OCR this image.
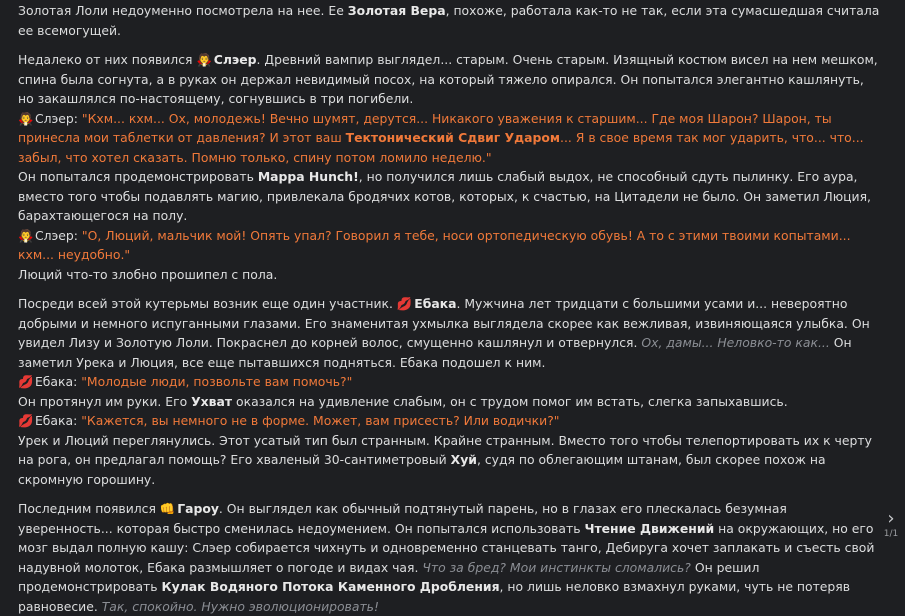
Золотая Лоли недоуменно посмотрела на нее. Ее Золотая Вера, похоже, работала как-то не так, если эта сумасшедшая считала ее всемогущей.

Недалеко от них появился 🧛 Слэер. Древний вампир выглядел... старым. Очень старым. Изящный костюм висел на нем мешком, спина была согнута, а в руках он держал невидимый посох, на который тяжело опирался. Он попытался элегантно кашлянуть, но закашлялся по-настоящему, согнувшись в три погибели.

🧛 Слэер: "Кхм... кхм... Ох, молодежь! Вечно шумят, дерутся... Никакого уважения к старшим... Где моя Шарон? Шарон, ты принесла мои таблетки от давления? И этот ваш Тектонический Сдвиг Ударом... Я в свое время так мог ударить, что... что... забыл, что хотел сказать. Помню только, спину потом ломило неделю."

Он попытался продемонстрировать Mappa Hunch!, но получился лишь слабый выдох, не способный сдуть пылинку. Его аура, вместо того чтобы подавлять магию, привлекала бродячих котов, которых, к счастью, на Цитадели не было. Он заметил Люция, барахтающегося на полу.

🧛 Слэер: "О, Люций, мальчик мой! Опять упал? Говорил я тебе, носи ортопедическую обувь! А то с этими твоими копытами... кхм... неудобно."

Люций что-то злобно прошипел с пола.

Посреди всей этой кутерьмы возник еще один участник. 💋 Ебака. Мужчина лет тридцати с большими усами и... невероятно добрыми и немного испуганными глазами. Его знаменитая ухмылка выглядела скорее как вежливая, извиняющаяся улыбка. Он увидел Лизу и Золотую Лоли. Покраснел до корней волос, смущенно кашлянул и отвернулся. Ох, дамы... Неловко-то как... Он заметил Урека и Люция, все еще пытавшихся подняться. Ебака подошел к ним.

💋 Ебака: "Молодые люди, позвольте вам помочь?"

Он протянул им руки. Его Ухват оказался на удивление слабым, он с трудом помог им встать, слегка запыхавшись.

💋 Ебака: "Кажется, вы немного не в форме. Может, вам присесть? Или водички?"

Урек и Люций переглянулись. Этот усатый тип был странным. Крайне странным. Вместо того чтобы телепортировать их к черту на рога, он предлагал помощь? Его хваленый 30-сантиметровый Хуй, судя по облегающим штанам, был скорее похож на скромную горошину.

Последним появился 👊 Гароу. Он выглядел как обычный подтянутый парень, но в глазах его плескалась безумная уверенность... которая быстро сменилась недоумением. Он попытался использовать Чтение Движений на окружающих, но его мозг выдал полную кашу: Слэер собирается чихнуть и одновременно станцевать танго, Дебируга хочет заплакать и съесть свой надувной молоток, Ебака размышляет о погоде и видах чая. Что за бред? Мои инстинкты сломались? Он решил продемонстрировать Кулак Водяного Потока Каменного Дробления, но лишь неловко взмахнул руками, чуть не потеряв равновесие. Так, спокойно. Нужно эволюционировать!

›
1/1
